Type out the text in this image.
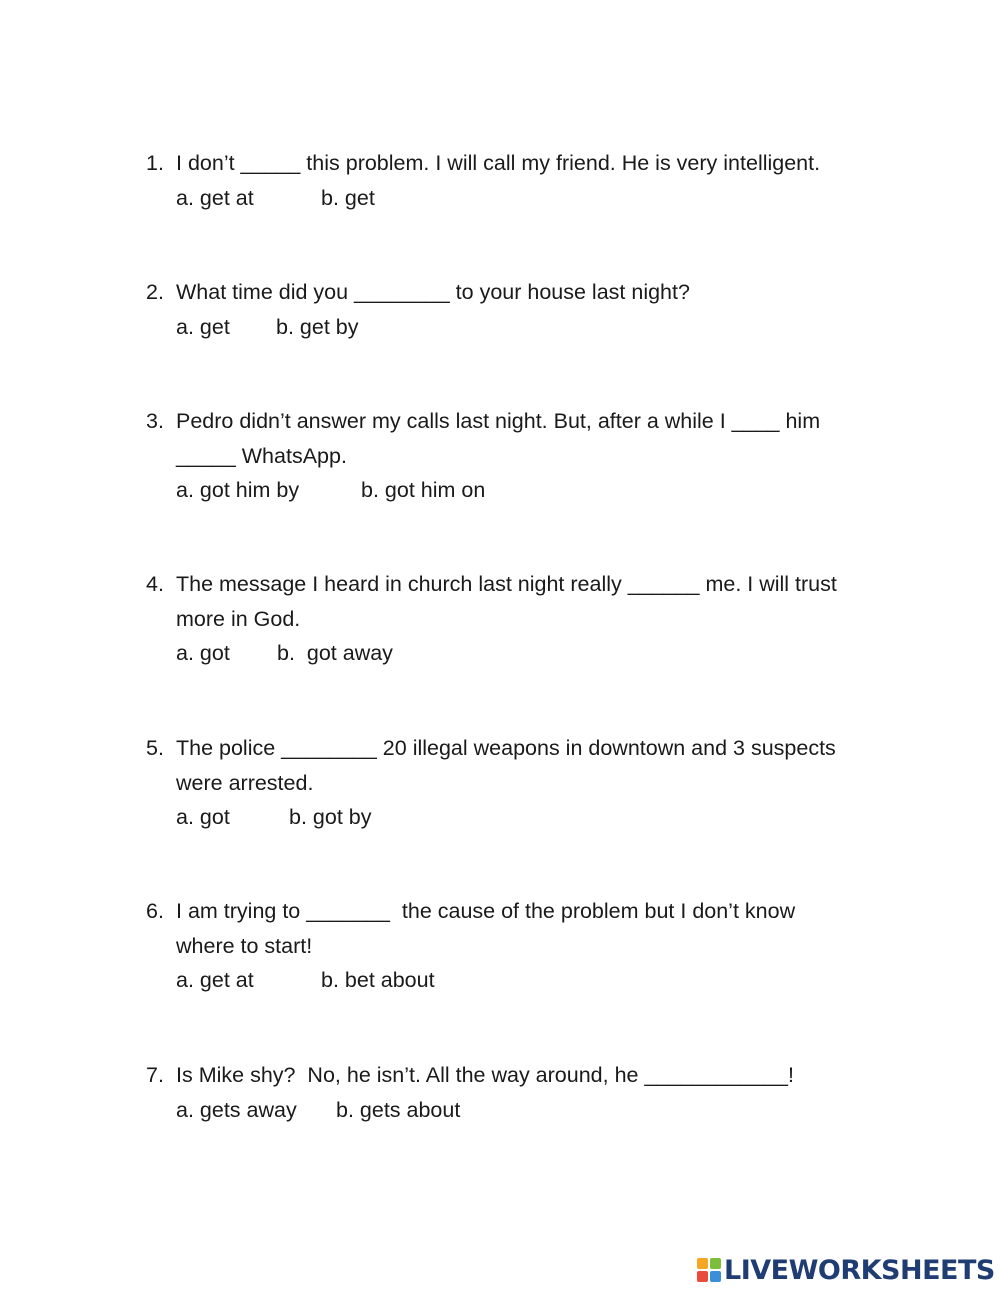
1. I don’t _____ this problem. I will call my friend. He is very intelligent.
a. get at	b. get
2. What time did you ________ to your house last night?
a. get b. get by
3. Pedro didn’t answer my calls last night. But, after a while I ____ him
_____ WhatsApp.
a. got him by	b. got him on
4. The message I heard in church last night really ______ me. I will trust
more in God.
a. got b.  got away
5. The police ________ 20 illegal weapons in downtown and 3 suspects
were arrested.
a. got	b. got by
6. I am trying to _______  the cause of the problem but I don’t know
where to start!
a. get at	b. bet about
7. Is Mike shy?  No, he isn’t. All the way around, he ____________!
a. gets away b. gets about
LIVEWORKSHEETS
